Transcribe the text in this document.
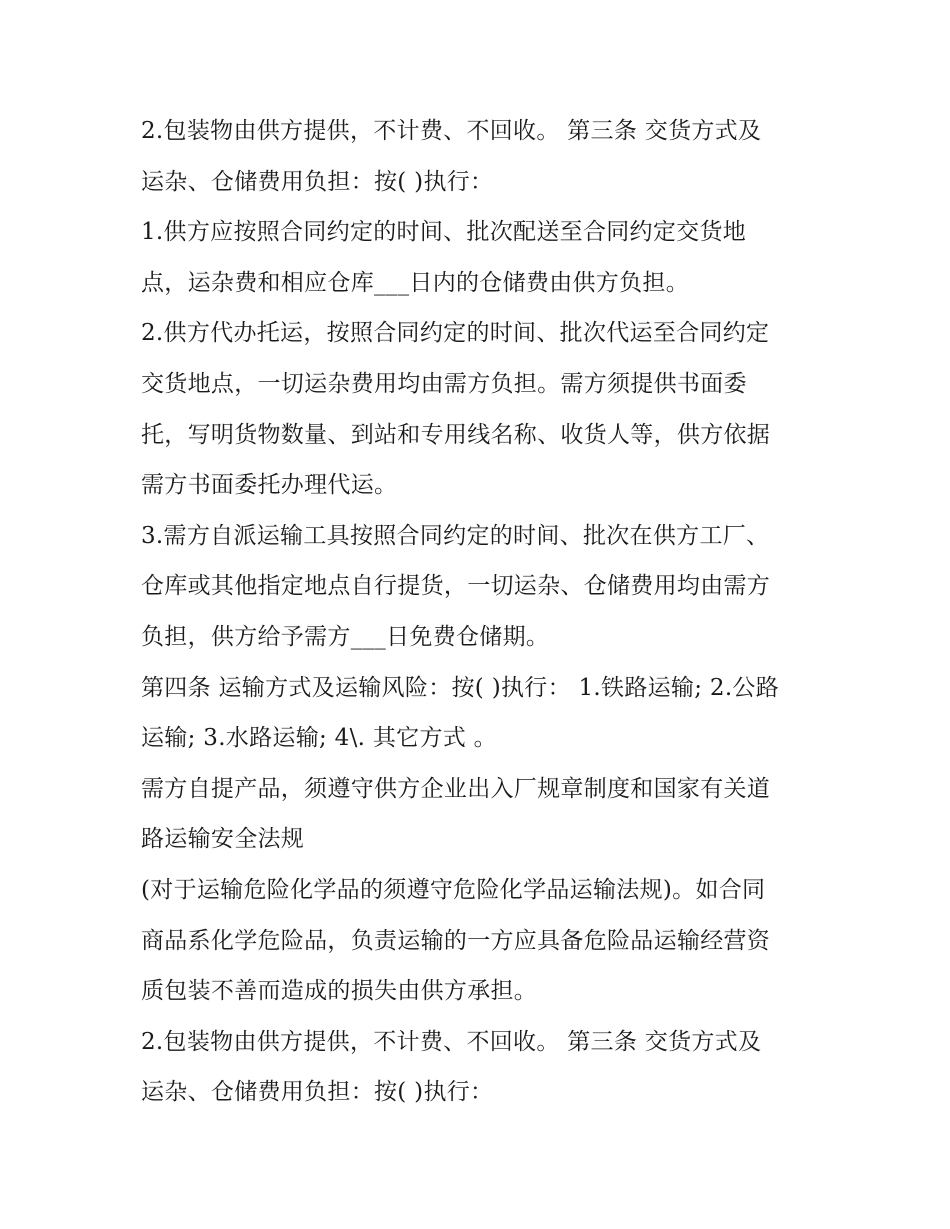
2.包装物由供方提供，不计费、不回收。 第三条 交货方式及
运杂、仓储费用负担：按( )执行：
1.供方应按照合同约定的时间、批次配送至合同约定交货地
点，运杂费和相应仓库___日内的仓储费由供方负担。
2.供方代办托运，按照合同约定的时间、批次代运至合同约定
交货地点，一切运杂费用均由需方负担。需方须提供书面委
托，写明货物数量、到站和专用线名称、收货人等，供方依据
需方书面委托办理代运。
3.需方自派运输工具按照合同约定的时间、批次在供方工厂、
仓库或其他指定地点自行提货，一切运杂、仓储费用均由需方
负担，供方给予需方___日免费仓储期。
第四条 运输方式及运输风险：按( )执行： 1.铁路运输; 2.公路
运输; 3.水路运输; 4\. 其它方式 。
需方自提产品，须遵守供方企业出入厂规章制度和国家有关道
路运输安全法规
(对于运输危险化学品的须遵守危险化学品运输法规)。如合同
商品系化学危险品，负责运输的一方应具备危险品运输经营资
质包装不善而造成的损失由供方承担。
2.包装物由供方提供，不计费、不回收。 第三条 交货方式及
运杂、仓储费用负担：按( )执行：
